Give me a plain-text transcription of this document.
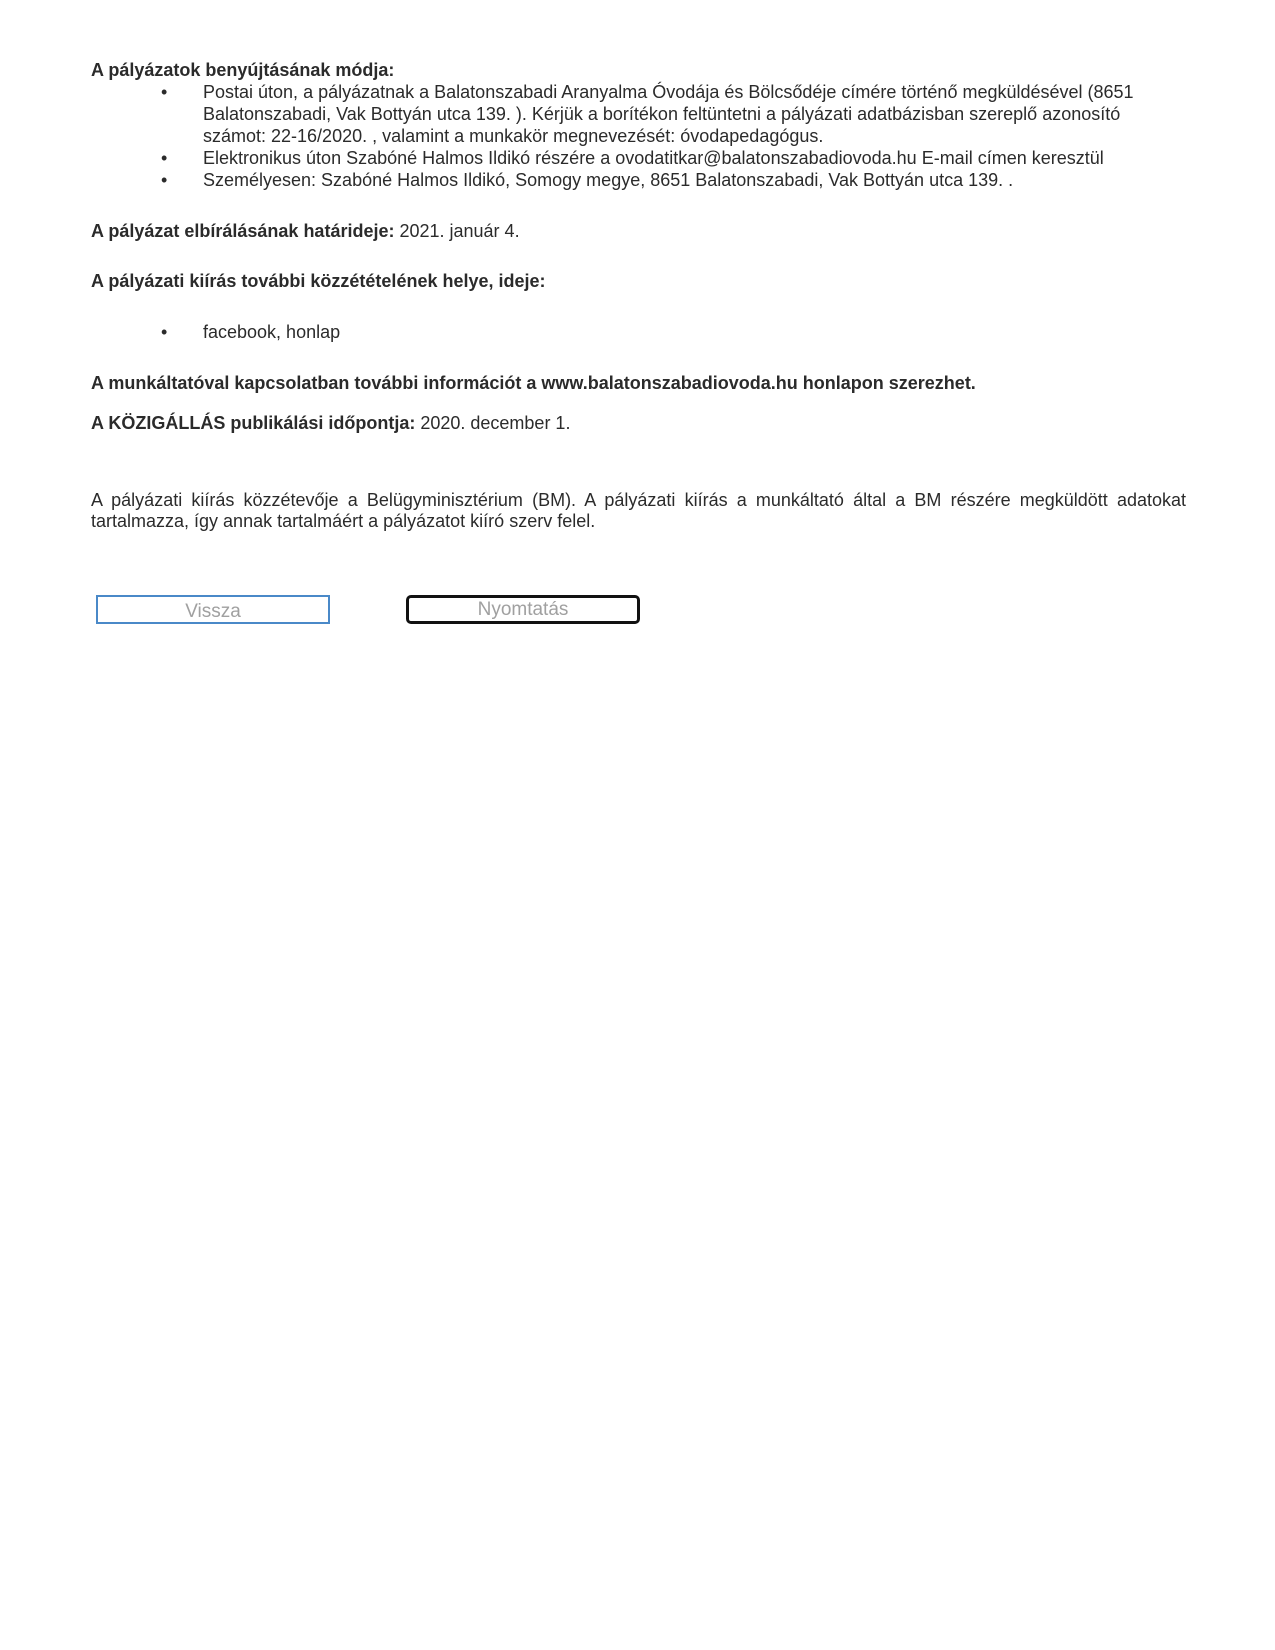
A pályázatok benyújtásának módja:
• Postai úton, a pályázatnak a Balatonszabadi Aranyalma Óvodája és Bölcsődéje címére történő megküldésével (8651 Balatonszabadi, Vak Bottyán utca 139. ). Kérjük a borítékon feltüntetni a pályázati adatbázisban szereplő azonosító számot: 22-16/2020. , valamint a munkakör megnevezését: óvodapedagógus.
• Elektronikus úton Szabóné Halmos Ildikó részére a ovodatitkar@balatonszabadiovoda.hu E-mail címen keresztül
• Személyesen: Szabóné Halmos Ildikó, Somogy megye, 8651 Balatonszabadi, Vak Bottyán utca 139. .
A pályázat elbírálásának határideje: 2021. január 4.
A pályázati kiírás további közzétételének helye, ideje:
• facebook, honlap
A munkáltatóval kapcsolatban további információt a www.balatonszabadiovoda.hu honlapon szerezhet.
A KÖZIGÁLLÁS publikálási időpontja: 2020. december 1.
A pályázati kiírás közzétevője a Belügyminisztérium (BM). A pályázati kiírás a munkáltató által a BM részére megküldött adatokat tartalmazza, így annak tartalmáért a pályázatot kiíró szerv felel.
Vissza	Nyomtatás
